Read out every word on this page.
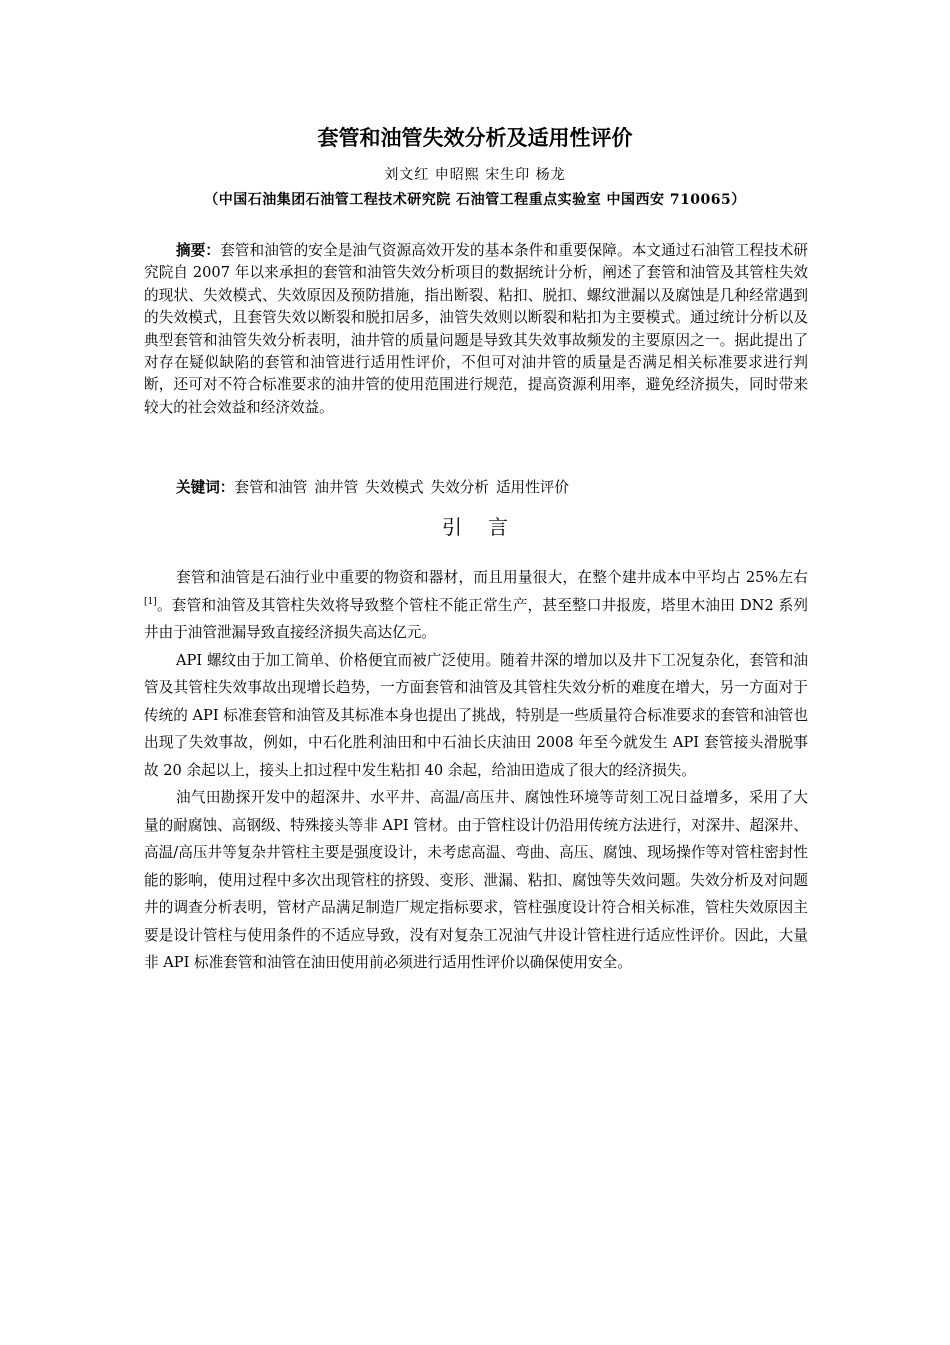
套管和油管失效分析及适用性评价
刘文红 申昭熙 宋生印 杨龙
（中国石油集团石油管工程技术研究院 石油管工程重点实验室 中国西安 710065）
摘要：套管和油管的安全是油气资源高效开发的基本条件和重要保障。本文通过石油管工程技术研究院自 2007 年以来承担的套管和油管失效分析项目的数据统计分析，阐述了套管和油管及其管柱失效的现状、失效模式、失效原因及预防措施，指出断裂、粘扣、脱扣、螺纹泄漏以及腐蚀是几种经常遇到的失效模式，且套管失效以断裂和脱扣居多，油管失效则以断裂和粘扣为主要模式。通过统计分析以及典型套管和油管失效分析表明，油井管的质量问题是导致其失效事故频发的主要原因之一。据此提出了对存在疑似缺陷的套管和油管进行适用性评价，不但可对油井管的质量是否满足相关标准要求进行判断，还可对不符合标准要求的油井管的使用范围进行规范，提高资源利用率，避免经济损失，同时带来较大的社会效益和经济效益。
关键词：套管和油管 油井管 失效模式 失效分析 适用性评价
引言

套管和油管是石油行业中重要的物资和器材，而且用量很大，在整个建井成本中平均占 25%左右[1]。套管和油管及其管柱失效将导致整个管柱不能正常生产，甚至整口井报废，塔里木油田 DN2 系列井由于油管泄漏导致直接经济损失高达亿元。

API 螺纹由于加工简单、价格便宜而被广泛使用。随着井深的增加以及井下工况复杂化，套管和油管及其管柱失效事故出现增长趋势，一方面套管和油管及其管柱失效分析的难度在增大，另一方面对于传统的 API 标准套管和油管及其标准本身也提出了挑战，特别是一些质量符合标准要求的套管和油管也出现了失效事故，例如，中石化胜利油田和中石油长庆油田 2008 年至今就发生 API 套管接头滑脱事故 20 余起以上，接头上扣过程中发生粘扣 40 余起，给油田造成了很大的经济损失。

油气田勘探开发中的超深井、水平井、高温/高压井、腐蚀性环境等苛刻工况日益增多，采用了大量的耐腐蚀、高钢级、特殊接头等非 API 管材。由于管柱设计仍沿用传统方法进行，对深井、超深井、高温/高压井等复杂井管柱主要是强度设计，未考虑高温、弯曲、高压、腐蚀、现场操作等对管柱密封性能的影响，使用过程中多次出现管柱的挤毁、变形、泄漏、粘扣、腐蚀等失效问题。失效分析及对问题井的调查分析表明，管材产品满足制造厂规定指标要求，管柱强度设计符合相关标准，管柱失效原因主要是设计管柱与使用条件的不适应导致，没有对复杂工况油气井设计管柱进行适应性评价。因此，大量非 API 标准套管和油管在油田使用前必须进行适用性评价以确保使用安全。
